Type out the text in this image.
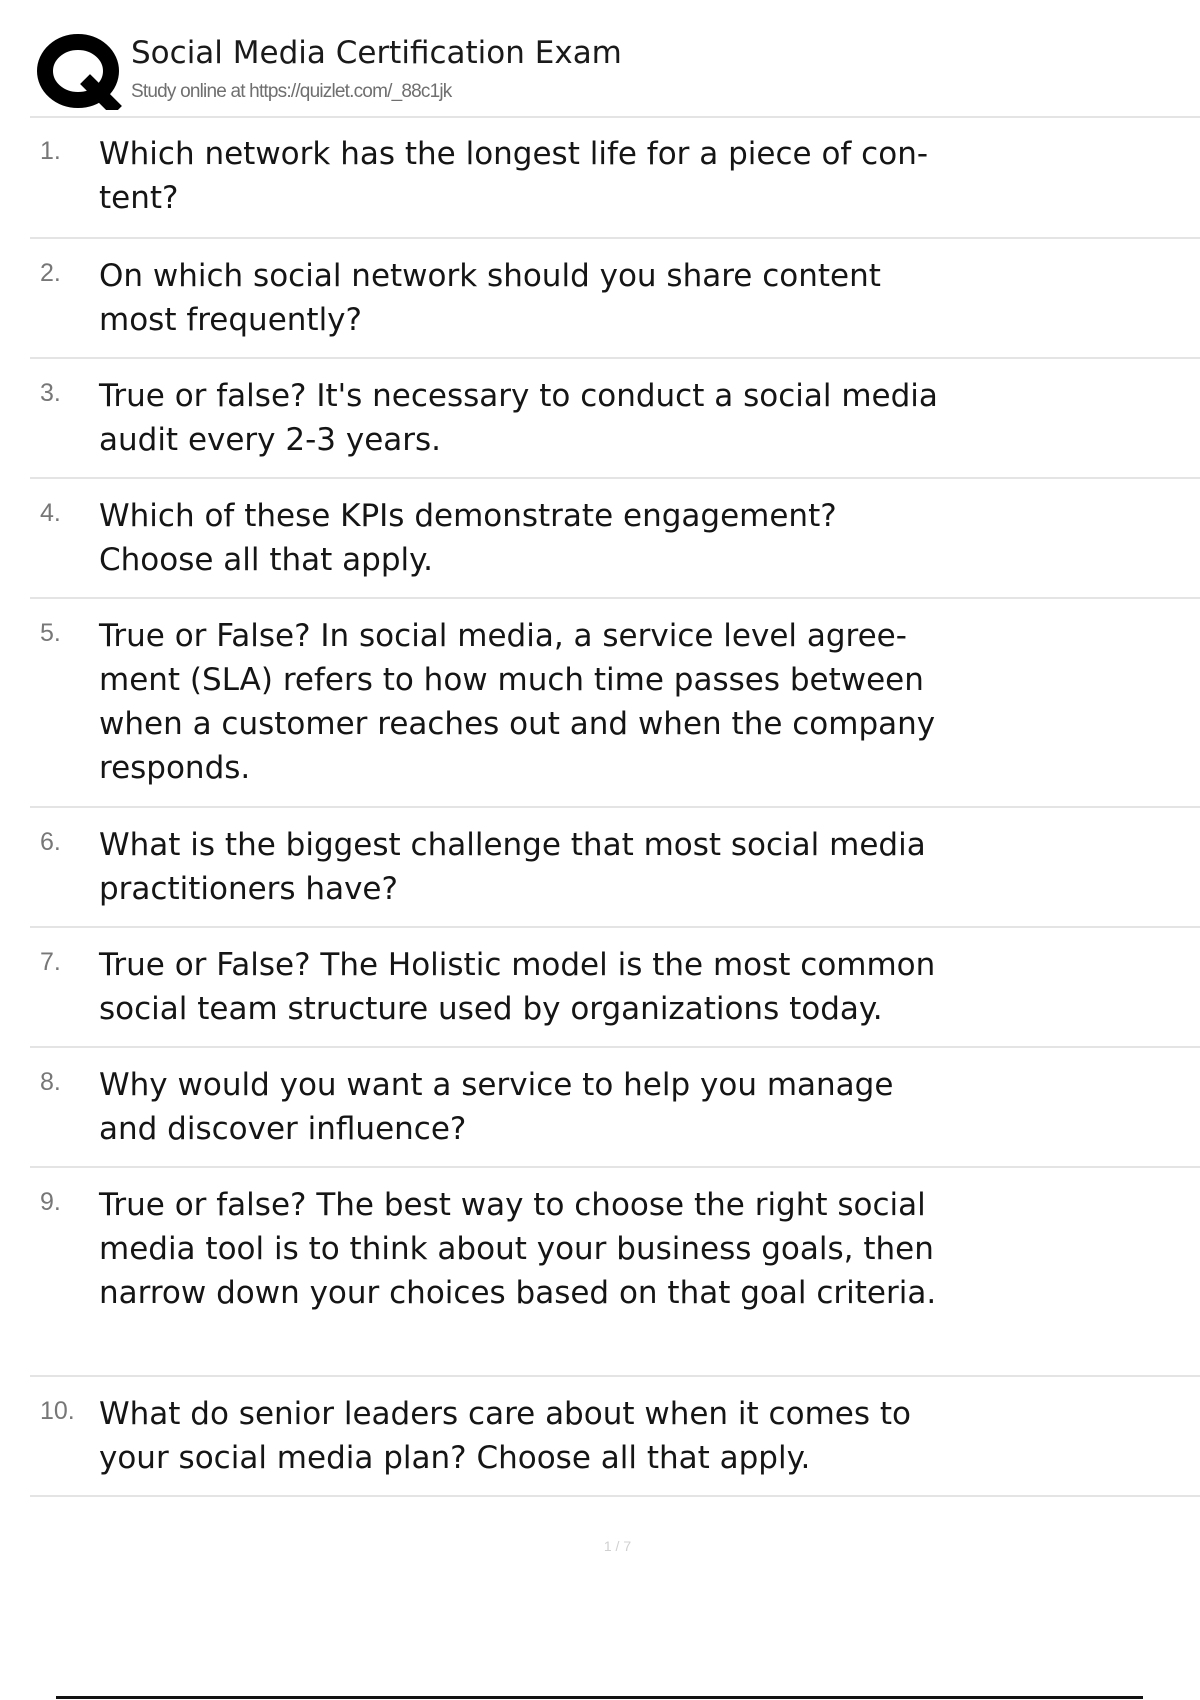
Social Media Certification Exam
Study online at https://quizlet.com/_88c1jk
1. Which network has the longest life for a piece of con- tent?
2. On which social network should you share content most frequently?
3. True or false? It's necessary to conduct a social media audit every 2-3 years.
4. Which of these KPIs demonstrate engagement? Choose all that apply.
5. True or False? In social media, a service level agree- ment (SLA) refers to how much time passes between when a customer reaches out and when the company responds.
6. What is the biggest challenge that most social media practitioners have?
7. True or False? The Holistic model is the most common social team structure used by organizations today.
8. Why would you want a service to help you manage and discover influence?
9. True or false? The best way to choose the right social media tool is to think about your business goals, then narrow down your choices based on that goal criteria.
10. What do senior leaders care about when it comes to your social media plan? Choose all that apply.
1 / 7
